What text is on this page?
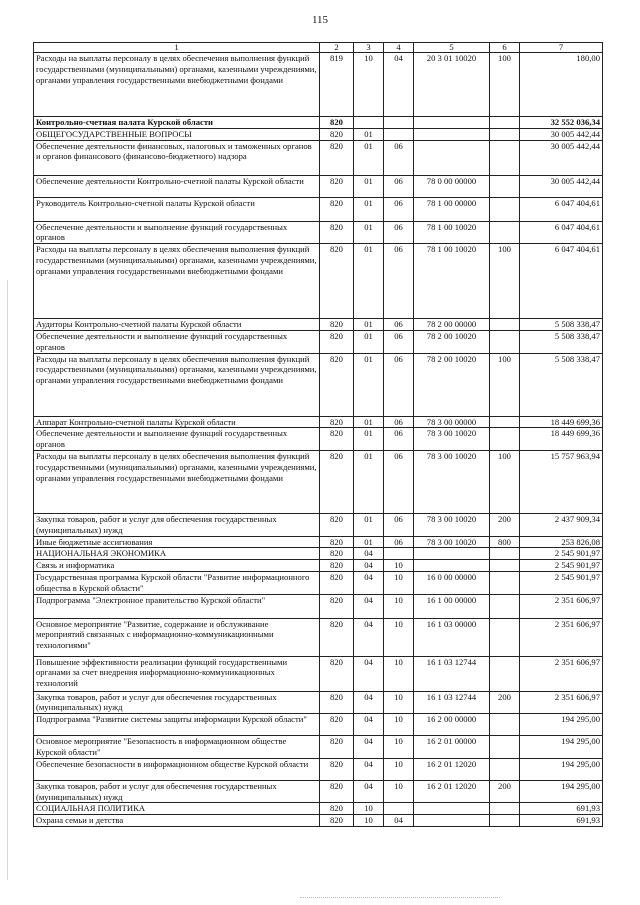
115
1	2	3	4	5	6	7
Расходы на выплаты персоналу в целях обеспечения выполнения функций государственными (муниципальными) органами, казенными учреждениями, органами управления государственными внебюджетными фондами	819	10	04	20 3 01 10020	100	180,00
Контрольно-счетная палата Курской области	820					32 552 036,34
ОБЩЕГОСУДАРСТВЕННЫЕ ВОПРОСЫ	820	01				30 005 442,44
Обеспечение деятельности финансовых, налоговых и таможенных органов и органов финансового (финансово-бюджетного) надзора	820	01	06			30 005 442,44
Обеспечение деятельности Контрольно-счетной палаты Курской области	820	01	06	78 0 00 00000		30 005 442,44
Руководитель Контрольно-счетной палаты Курской области	820	01	06	78 1 00 00000		6 047 404,61
Обеспечение деятельности и выполнение функций государственных органов	820	01	06	78 1 00 10020		6 047 404,61
Расходы на выплаты персоналу в целях обеспечения выполнения функций государственными (муниципальными) органами, казенными учреждениями, органами управления государственными внебюджетными фондами	820	01	06	78 1 00 10020	100	6 047 404,61
Аудиторы Контрольно-счетной палаты Курской области	820	01	06	78 2 00 00000		5 508 338,47
Обеспечение деятельности и выполнение функций государственных органов	820	01	06	78 2 00 10020		5 508 338,47
Расходы на выплаты персоналу в целях обеспечения выполнения функций государственными (муниципальными) органами, казенными учреждениями, органами управления государственными внебюджетными фондами	820	01	06	78 2 00 10020	100	5 508 338,47
Аппарат Контрольно-счетной палаты Курской области	820	01	06	78 3 00 00000		18 449 699,36
Обеспечение деятельности и выполнение функций государственных органов	820	01	06	78 3 00 10020		18 449 699,36
Расходы на выплаты персоналу в целях обеспечения выполнения функций государственными (муниципальными) органами, казенными учреждениями, органами управления государственными внебюджетными фондами	820	01	06	78 3 00 10020	100	15 757 963,94
Закупка товаров, работ и услуг для обеспечения государственных (муниципальных) нужд	820	01	06	78 3 00 10020	200	2 437 909,34
Иные бюджетные ассигнования	820	01	06	78 3 00 10020	800	253 826,08
НАЦИОНАЛЬНАЯ ЭКОНОМИКА	820	04				2 545 901,97
Связь и информатика	820	04	10			2 545 901,97
Государственная программа Курской области "Развитие информационного общества в Курской области"	820	04	10	16 0 00 00000		2 545 901,97
Подпрограмма "Электронное правительство Курской области"	820	04	10	16 1 00 00000		2 351 606,97
Основное мероприятие "Развитие, содержание и обслуживание мероприятий связанных с информационно-коммуникационными технологиями"	820	04	10	16 1 03 00000		2 351 606,97
Повышение эффективности реализации функций государственными органами за счет внедрения информационно-коммуникационных технологий	820	04	10	16 1 03 12744		2 351 606,97
Закупка товаров, работ и услуг для обеспечения государственных (муниципальных) нужд	820	04	10	16 1 03 12744	200	2 351 606,97
Подпрограмма "Развитие системы защиты информации Курской области"	820	04	10	16 2 00 00000		194 295,00
Основное мероприятие "Безопасность в информационном обществе Курской области"	820	04	10	16 2 01 00000		194 295,00
Обеспечение безопасности в информационном обществе Курской области	820	04	10	16 2 01 12020		194 295,00
Закупка товаров, работ и услуг для обеспечения государственных (муниципальных) нужд	820	04	10	16 2 01 12020	200	194 295,00
СОЦИАЛЬНАЯ ПОЛИТИКА	820	10				691,93
Охрана семьи и детства	820	10	04			691,93
